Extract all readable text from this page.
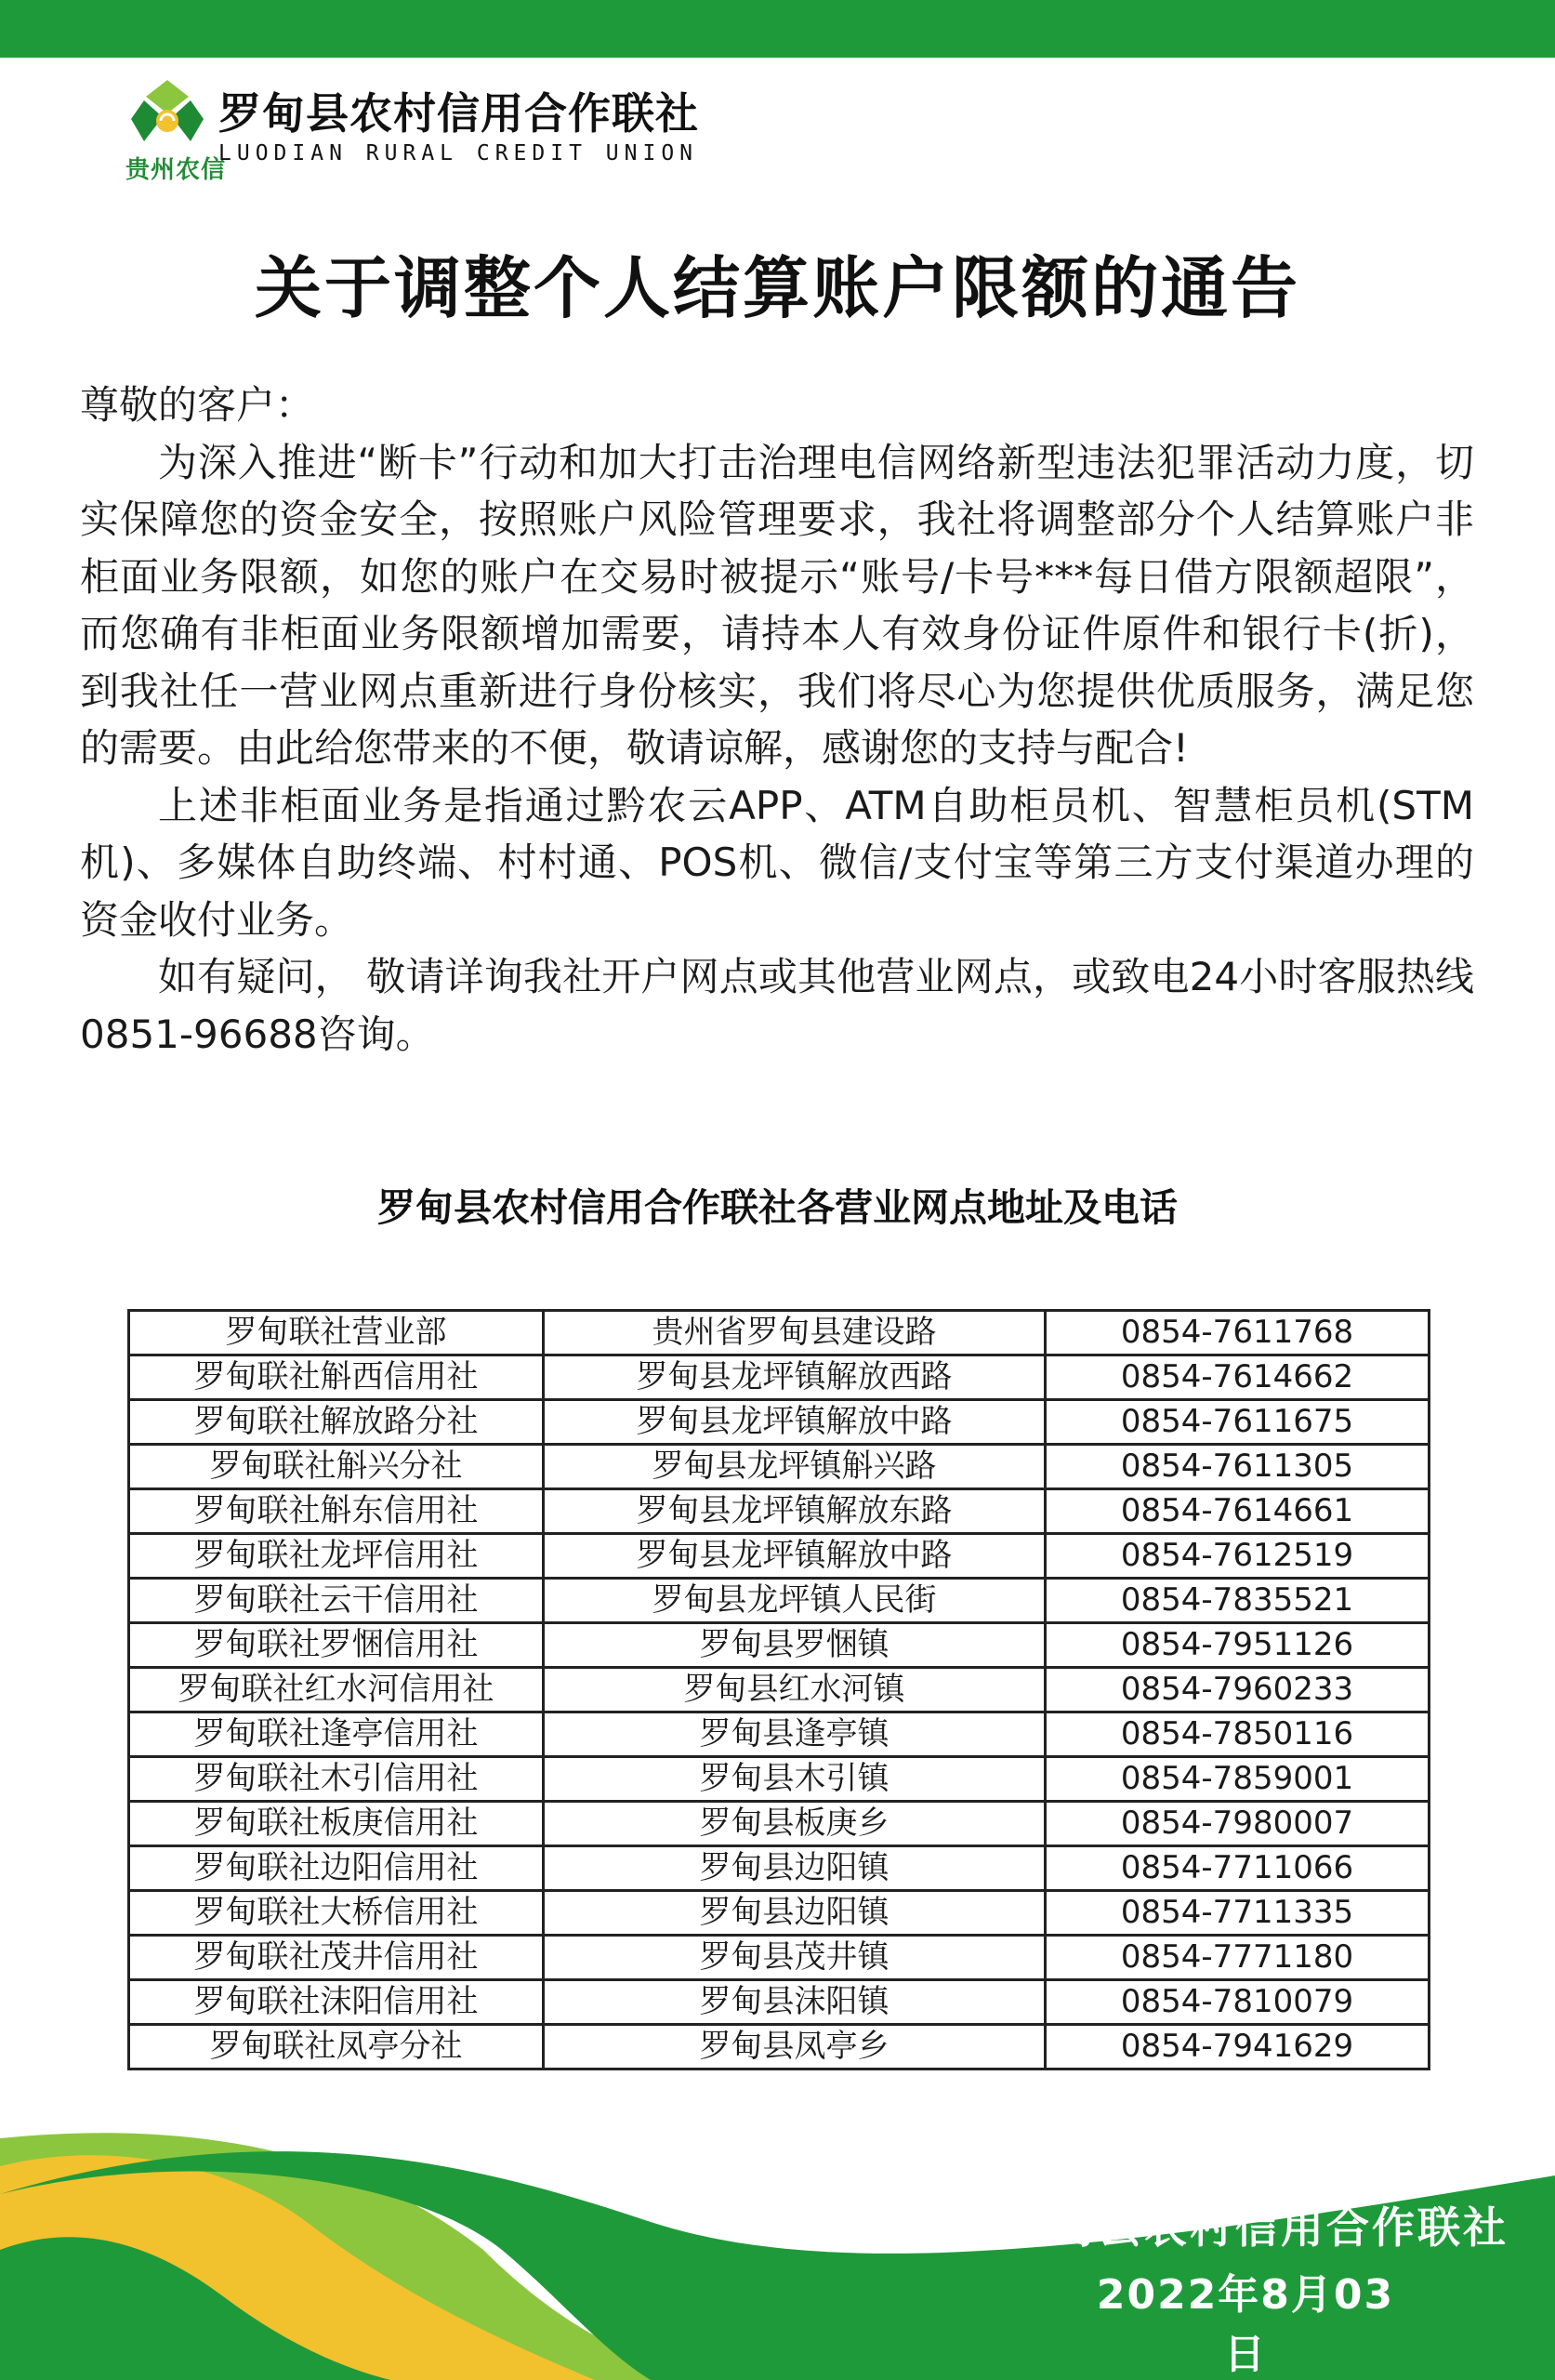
贵州农信
罗甸县农村信用合作联社
LUODIAN RURAL CREDIT UNION
关于调整个人结算账户限额的通告

尊敬的客户：

为深入推进“断卡”行动和加大打击治理电信网络新型违法犯罪活动力度，切实保障您的资金安全，按照账户风险管理要求，我社将调整部分个人结算账户非柜面业务限额，如您的账户在交易时被提示“账号/卡号***每日借方限额超限”，而您确有非柜面业务限额增加需要，请持本人有效身份证件原件和银行卡(折)，到我社任一营业网点重新进行身份核实，我们将尽心为您提供优质服务，满足您的需要。由此给您带来的不便，敬请谅解，感谢您的支持与配合!

上述非柜面业务是指通过黔农云APP、ATM自助柜员机、智慧柜员机(STM机)、多媒体自助终端、村村通、POS机、微信/支付宝等第三方支付渠道办理的资金收付业务。

如有疑问， 敬请详询我社开户网点或其他营业网点，或致电24小时客服热线0851-96688咨询。

罗甸县农村信用合作联社各营业网点地址及电话
罗甸联社营业部	贵州省罗甸县建设路	0854-7611768
罗甸联社斛西信用社	罗甸县龙坪镇解放西路	0854-7614662
罗甸联社解放路分社	罗甸县龙坪镇解放中路	0854-7611675
罗甸联社斛兴分社	罗甸县龙坪镇斛兴路	0854-7611305
罗甸联社斛东信用社	罗甸县龙坪镇解放东路	0854-7614661
罗甸联社龙坪信用社	罗甸县龙坪镇解放中路	0854-7612519
罗甸联社云干信用社	罗甸县龙坪镇人民街	0854-7835521
罗甸联社罗悃信用社	罗甸县罗悃镇	0854-7951126
罗甸联社红水河信用社	罗甸县红水河镇	0854-7960233
罗甸联社逢亭信用社	罗甸县逢亭镇	0854-7850116
罗甸联社木引信用社	罗甸县木引镇	0854-7859001
罗甸联社板庚信用社	罗甸县板庚乡	0854-7980007
罗甸联社边阳信用社	罗甸县边阳镇	0854-7711066
罗甸联社大桥信用社	罗甸县边阳镇	0854-7711335
罗甸联社茂井信用社	罗甸县茂井镇	0854-7771180
罗甸联社沫阳信用社	罗甸县沫阳镇	0854-7810079
罗甸联社凤亭分社	罗甸县凤亭乡	0854-7941629
罗甸县农村信用合作联社
2022年8月03日
